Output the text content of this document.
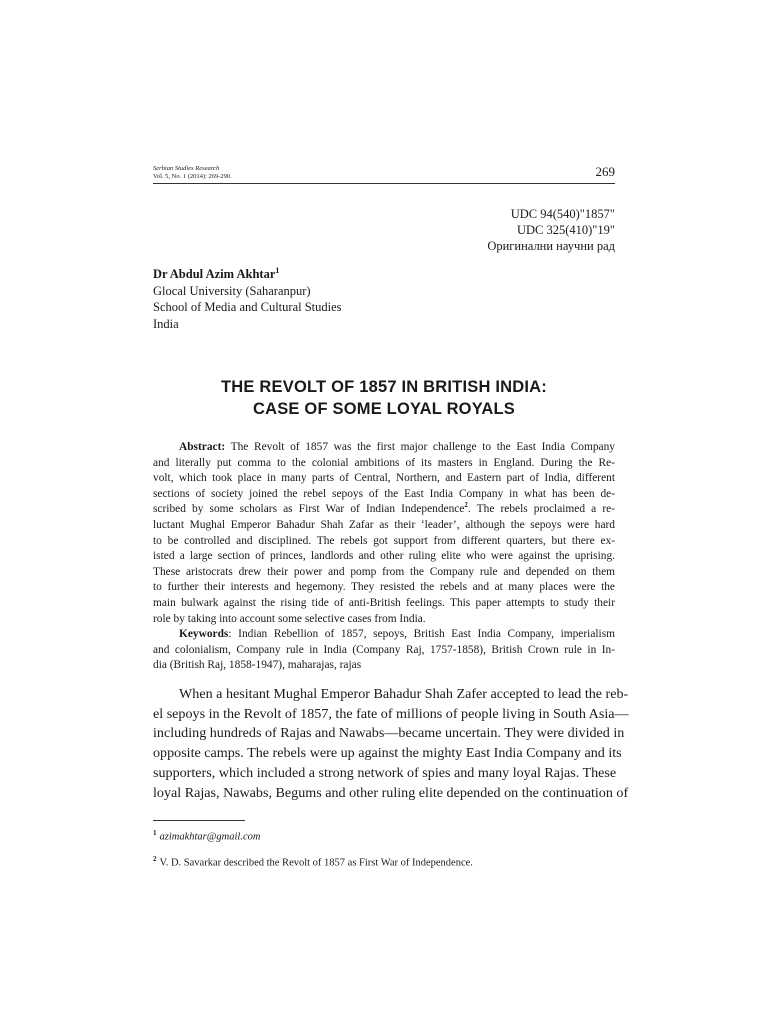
Serbian Studies Research
Vol. 5, No. 1 (2014): 269-290.	269
UDC 94(540)"1857"
UDC 325(410)"19"
Оригинални научни рад
Dr Abdul Azim Akhtar$^1$
Glocal University (Saharanpur)
School of Media and Cultural Studies
India
THE REVOLT OF 1857 IN BRITISH INDIA:
CASE OF SOME LOYAL ROYALS
Abstract: The Revolt of 1857 was the first major challenge to the East India Company
and literally put comma to the colonial ambitions of its masters in England. During the Re-
volt, which took place in many parts of Central, Northern, and Eastern part of India, different
sections of society joined the rebel sepoys of the East India Company in what has been de-
scribed by some scholars as First War of Indian Independence$^2$. The rebels proclaimed a re-
luctant Mughal Emperor Bahadur Shah Zafar as their ‘leader’, although the sepoys were hard
to be controlled and disciplined. The rebels got support from different quarters, but there ex-
isted a large section of princes, landlords and other ruling elite who were against the uprising.
These aristocrats drew their power and pomp from the Company rule and depended on them
to further their interests and hegemony. They resisted the rebels and at many places were the
main bulwark against the rising tide of anti-British feelings. This paper attempts to study their
role by taking into account some selective cases from India.
Keywords: Indian Rebellion of 1857, sepoys, British East India Company, imperialism
and colonialism, Company rule in India (Company Raj, 1757-1858), British Crown rule in In-
dia (British Raj, 1858-1947), maharajas, rajas
When a hesitant Mughal Emperor Bahadur Shah Zafer accepted to lead the reb-
el sepoys in the Revolt of 1857, the fate of millions of people living in South Asia—
including hundreds of Rajas and Nawabs—became uncertain. They were divided in
opposite camps. The rebels were up against the mighty East India Company and its
supporters, which included a strong network of spies and many loyal Rajas. These
loyal Rajas, Nawabs, Begums and other ruling elite depended on the continuation of
$^1$ azimakhtar@gmail.com
$^2$ V. D. Savarkar described the Revolt of 1857 as First War of Independence.
